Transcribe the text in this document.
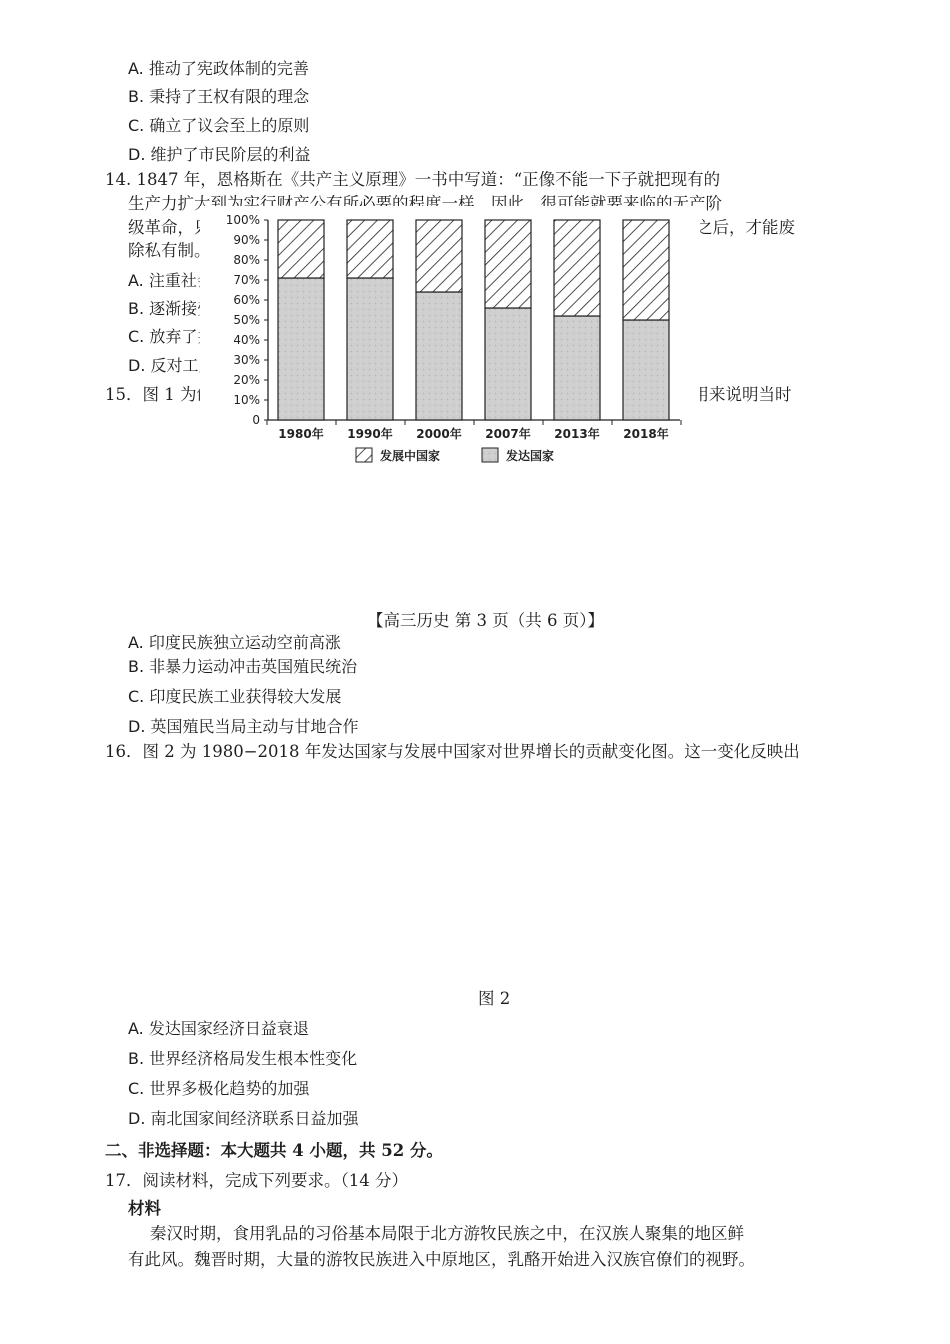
A. 推动了宪政体制的完善
B. 秉持了王权有限的理念
C. 确立了议会至上的原则
D. 维护了市民阶层的利益
14. 1847 年，恩格斯在《共产主义原理》一书中写道：“正像不能一下子就把现有的
生产力扩大到为实行财产公有所必要的程度一样。因此，很可能就要来临的无产阶
级革命，只	之后，才能废
除私有制。
A. 注重社会
B. 逐渐接受
C. 放弃了共
D. 反对工人
15．图 1 为创	以用来说明当时
0
10%
20%
30%
40%
50%
60%
70%
80%
90%
100%
1980年 1990年 2000年 2007年 2013年 2018年
发展中国家	发达国家
【高三历史 第 3 页（共 6 页）】
A. 印度民族独立运动空前高涨
B. 非暴力运动冲击英国殖民统治
C. 印度民族工业获得较大发展
D. 英国殖民当局主动与甘地合作
16．图 2 为 1980−2018 年发达国家与发展中国家对世界增长的贡献变化图。这一变化反映出
图 2
A. 发达国家经济日益衰退
B. 世界经济格局发生根本性变化
C. 世界多极化趋势的加强
D. 南北国家间经济联系日益加强
二、非选择题：本大题共 4 小题，共 52 分。
17．阅读材料，完成下列要求。（14 分）
材料
秦汉时期，食用乳品的习俗基本局限于北方游牧民族之中，在汉族人聚集的地区鲜
有此风。魏晋时期，大量的游牧民族进入中原地区，乳酪开始进入汉族官僚们的视野。
